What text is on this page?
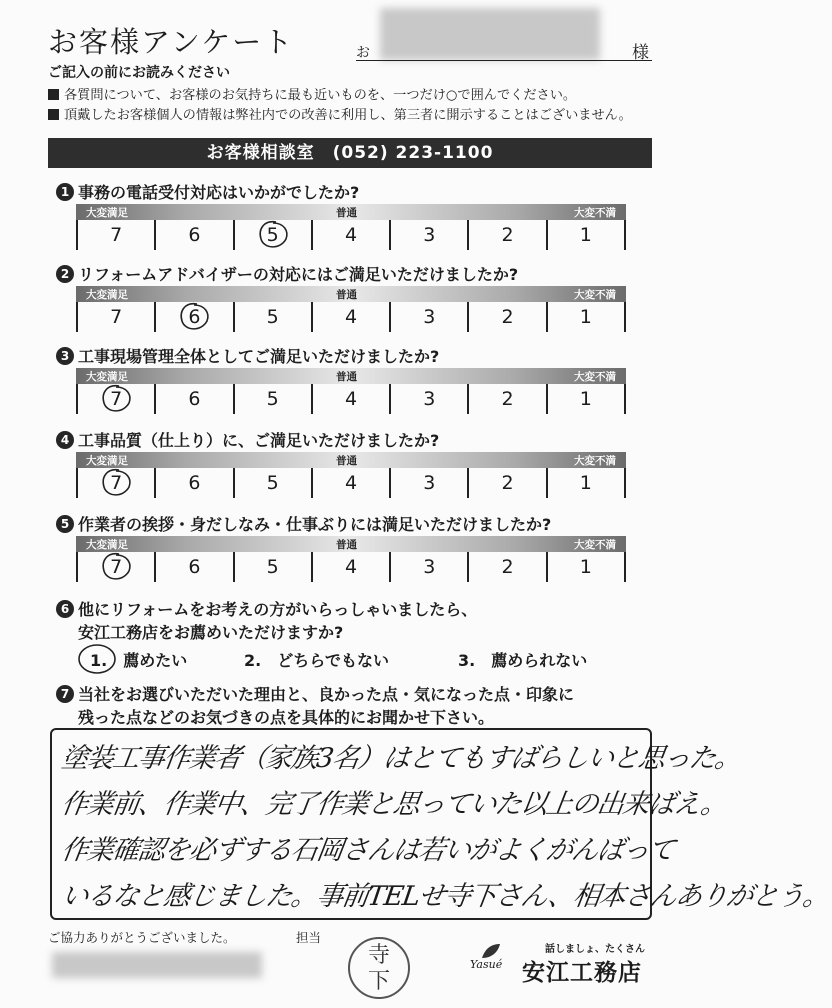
お客様アンケート	お	様
ご記入の前にお読みください
各質問について、お客様のお気持ちに最も近いものを、一つだけ○で囲んでください。
頂戴したお客様個人の情報は弊社内での改善に利用し、第三者に開示することはございません。
お客様相談室　(052) 223-1100
1 事務の電話受付対応はいかがでしたか?
大変満足	普通	大変不満
7	6	5	4	3	2	1
2 リフォームアドバイザーの対応にはご満足いただけましたか?
大変満足	普通	大変不満
7	6	5	4	3	2	1
3 工事現場管理全体としてご満足いただけましたか?
大変満足	普通	大変不満
7	6	5	4	3	2	1
4 工事品質（仕上り）に、ご満足いただけましたか?
大変満足	普通	大変不満
7	6	5	4	3	2	1
5 作業者の挨拶・身だしなみ・仕事ぶりには満足いただけましたか?
大変満足	普通	大変不満
7	6	5	4	3	2	1
6 他にリフォームをお考えの方がいらっしゃいましたら、
安江工務店をお薦めいただけますか?
1.　薦めたい	2.　どちらでもない	3.　薦められない
7 当社をお選びいただいた理由と、良かった点・気になった点・印象に
残った点などのお気づきの点を具体的にお聞かせ下さい。
塗装工事作業者（家族3名）はとてもすばらしいと思った。
作業前、作業中、完了作業と思っていた以上の出来ばえ。
作業確認を必ずする石岡さんは若いがよくがんばって
いるなと感じました。事前TELせ寺下さん、相本さんありがとう。
ご協力ありがとうございました。	担当
寺
下
Yasué
話しましょ、たくさん
安江工務店
